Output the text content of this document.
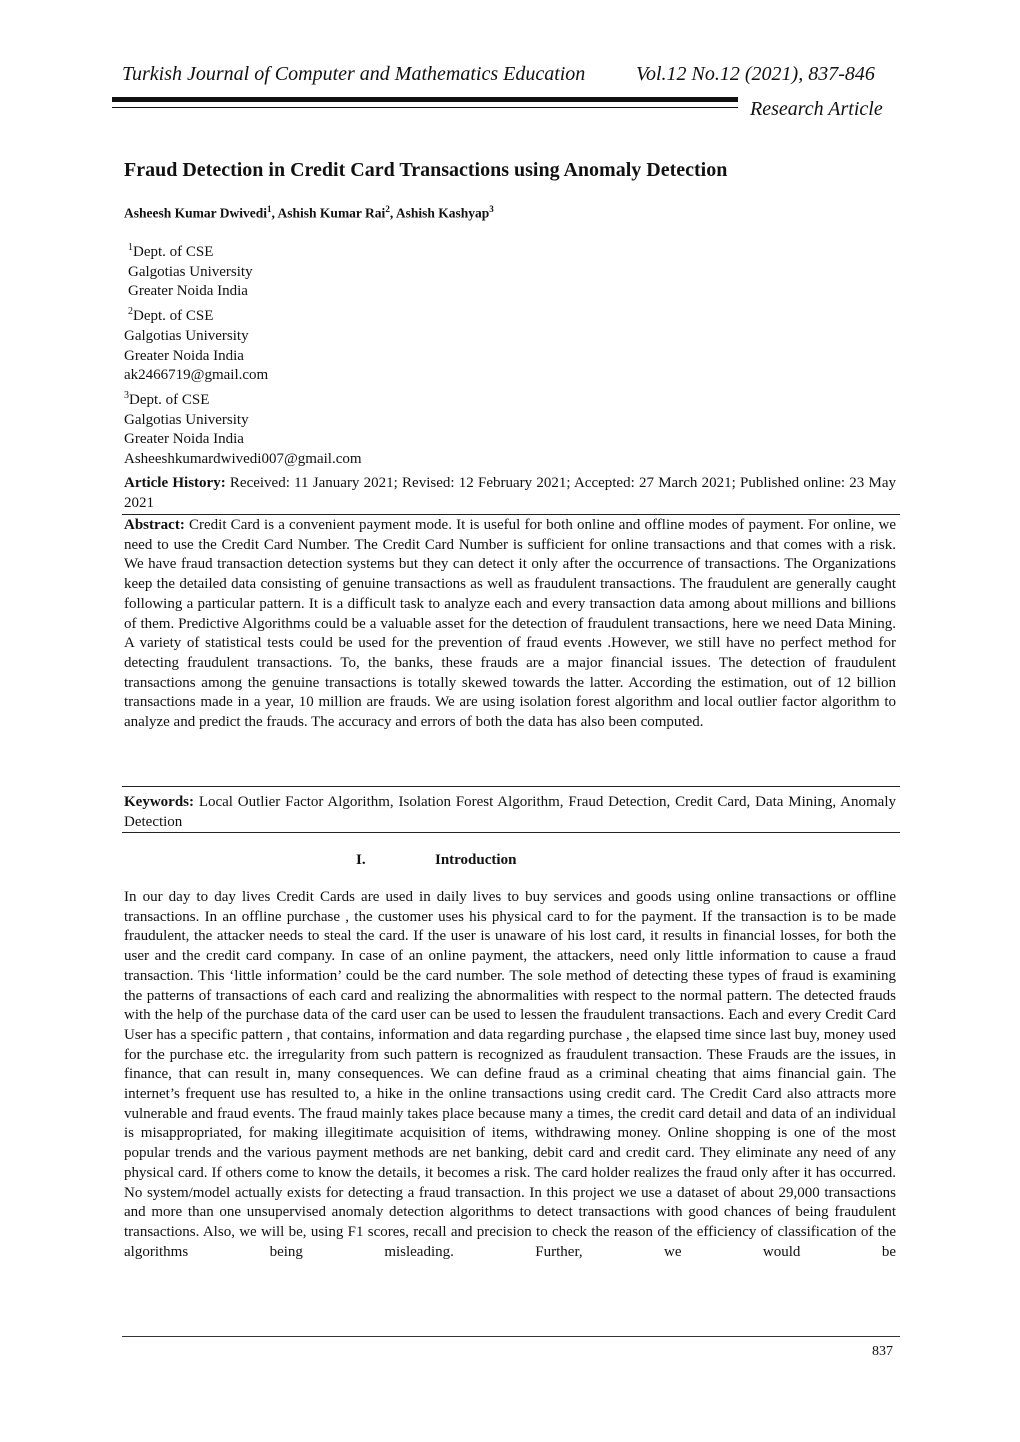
Turkish Journal of Computer and Mathematics Education	Vol.12 No.12 (2021), 837-846
Research Article
Fraud Detection in Credit Card Transactions using Anomaly Detection
Asheesh Kumar Dwivedi$^1$, Ashish Kumar Rai$^2$, Ashish Kashyap$^3$
$^1$Dept. of CSE
Galgotias University
Greater Noida India
$^2$Dept. of CSE
Galgotias University
Greater Noida India
ak2466719@gmail.com
$^3$Dept. of CSE
Galgotias University
Greater Noida India
Asheeshkumardwivedi007@gmail.com
Article History: Received: 11 January 2021; Revised: 12 February 2021; Accepted: 27 March 2021; Published online: 23 May 2021
Abstract: Credit Card is a convenient payment mode. It is useful for both online and offline modes of payment. For online, we need to use the Credit Card Number. The Credit Card Number is sufficient for online transactions and that comes with a risk. We have fraud transaction detection systems but they can detect it only after the occurrence of transactions. The Organizations keep the detailed data consisting of genuine transactions as well as fraudulent transactions. The fraudulent are generally caught following a particular pattern. It is a difficult task to analyze each and every transaction data among about millions and billions of them. Predictive Algorithms could be a valuable asset for the detection of fraudulent transactions, here we need Data Mining. A variety of statistical tests could be used for the prevention of fraud events .However, we still have no perfect method for detecting fraudulent transactions. To, the banks, these frauds are a major financial issues. The detection of fraudulent transactions among the genuine transactions is totally skewed towards the latter. According the estimation, out of 12 billion transactions made in a year, 10 million are frauds. We are using isolation forest algorithm and local outlier factor algorithm to analyze and predict the frauds. The accuracy and errors of both the data has also been computed.
Keywords: Local Outlier Factor Algorithm, Isolation Forest Algorithm, Fraud Detection, Credit Card, Data Mining, Anomaly Detection
I.	Introduction
In our day to day lives Credit Cards are used in daily lives to buy services and goods using online transactions or offline transactions. In an offline purchase , the customer uses his physical card to for the payment. If the transaction is to be made fraudulent, the attacker needs to steal the card. If the user is unaware of his lost card, it results in financial losses, for both the user and the credit card company. In case of an online payment, the attackers, need only little information to cause a fraud transaction. This ‘little information’ could be the card number. The sole method of detecting these types of fraud is examining the patterns of transactions of each card and realizing the abnormalities with respect to the normal pattern. The detected frauds with the help of the purchase data of the card user can be used to lessen the fraudulent transactions. Each and every Credit Card User has a specific pattern , that contains, information and data regarding purchase , the elapsed time since last buy, money used for the purchase etc. the irregularity from such pattern is recognized as fraudulent transaction. These Frauds are the issues, in finance, that can result in, many consequences. We can define fraud as a criminal cheating that aims financial gain. The internet’s frequent use has resulted to, a hike in the online transactions using credit card. The Credit Card also attracts more vulnerable and fraud events. The fraud mainly takes place because many a times, the credit card detail and data of an individual is misappropriated, for making illegitimate acquisition of items, withdrawing money. Online shopping is one of the most popular trends and the various payment methods are net banking, debit card and credit card. They eliminate any need of any physical card. If others come to know the details, it becomes a risk. The card holder realizes the fraud only after it has occurred. No system/model actually exists for detecting a fraud transaction. In this project we use a dataset of about 29,000 transactions and more than one unsupervised anomaly detection algorithms to detect transactions with good chances of being fraudulent transactions. Also, we will be, using F1 scores, recall and precision to check the reason of the efficiency of classification of the algorithms being misleading. Further, we would be
837
